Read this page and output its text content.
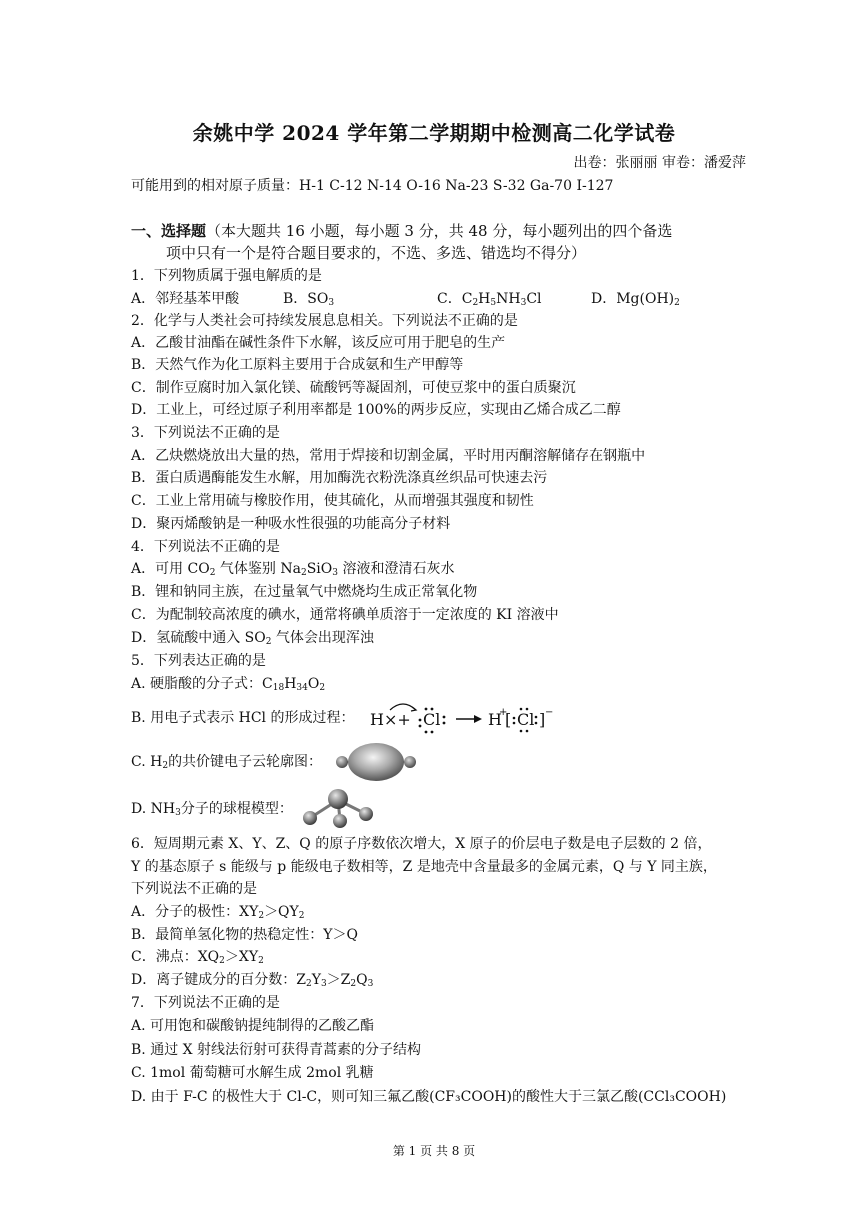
余姚中学 2024 学年第二学期期中检测高二化学试卷
出卷：张丽丽 审卷：潘爱萍
可能用到的相对原子质量：H-1 C-12 N-14 O-16 Na-23 S-32 Ga-70 I-127
一、选择题（本大题共 16 小题，每小题 3 分，共 48 分，每小题列出的四个备选
项中只有一个是符合题目要求的，不选、多选、错选均不得分）
1．下列物质属于强电解质的是
A．邻羟基苯甲酸	B．$SO_3$	C．$C_2H_5NH_3Cl$	D．$Mg(OH)_2$
2．化学与人类社会可持续发展息息相关。下列说法不正确的是
A．乙酸甘油酯在碱性条件下水解，该反应可用于肥皂的生产
B．天然气作为化工原料主要用于合成氨和生产甲醇等
C．制作豆腐时加入氯化镁、硫酸钙等凝固剂，可使豆浆中的蛋白质聚沉
D．工业上，可经过原子利用率都是 100%的两步反应，实现由乙烯合成乙二醇
3．下列说法不正确的是
A．乙炔燃烧放出大量的热，常用于焊接和切割金属，平时用丙酮溶解储存在钢瓶中
B．蛋白质遇酶能发生水解，用加酶洗衣粉洗涤真丝织品可快速去污
C．工业上常用硫与橡胶作用，使其硫化，从而增强其强度和韧性
D．聚丙烯酸钠是一种吸水性很强的功能高分子材料
4．下列说法不正确的是
A．可用 $CO_2$ 气体鉴别 $Na_2SiO_3$ 溶液和澄清石灰水
B．锂和钠同主族，在过量氧气中燃烧均生成正常氧化物
C．为配制较高浓度的碘水，通常将碘单质溶于一定浓度的 KI 溶液中
D．氢硫酸中通入 $SO_2$ 气体会出现浑浊
5．下列表达正确的是
A. 硬脂酸的分子式：$C_{18}H_{34}O_2$
B. 用电子式表示 HCl 的形成过程： H×+ Cl	H
+
[ Cl ] −
C. $H_2$的共价键电子云轮廓图：
D. $NH_3$分子的球棍模型：
6．短周期元素 X、Y、Z、Q 的原子序数依次增大，X 原子的价层电子数是电子层数的 2 倍，
Y 的基态原子 s 能级与 p 能级电子数相等，Z 是地壳中含量最多的金属元素，Q 与 Y 同主族，
下列说法不正确的是
A．分子的极性：$XY_2>QY_2$
B．最简单氢化物的热稳定性：Y＞Q
C．沸点：$XQ_2>XY_2$
D．离子键成分的百分数：$Z_2Y_3>Z_2Q_3$
7．下列说法不正确的是
A. 可用饱和碳酸钠提纯制得的乙酸乙酯
B. 通过 X 射线法衍射可获得青蒿素的分子结构
C. 1mol 葡萄糖可水解生成 2mol 乳糖
D. 由于 F-C 的极性大于 Cl-C，则可知三氟乙酸(CF₃COOH)的酸性大于三氯乙酸(CCl₃COOH)
第 1 页 共 8 页
